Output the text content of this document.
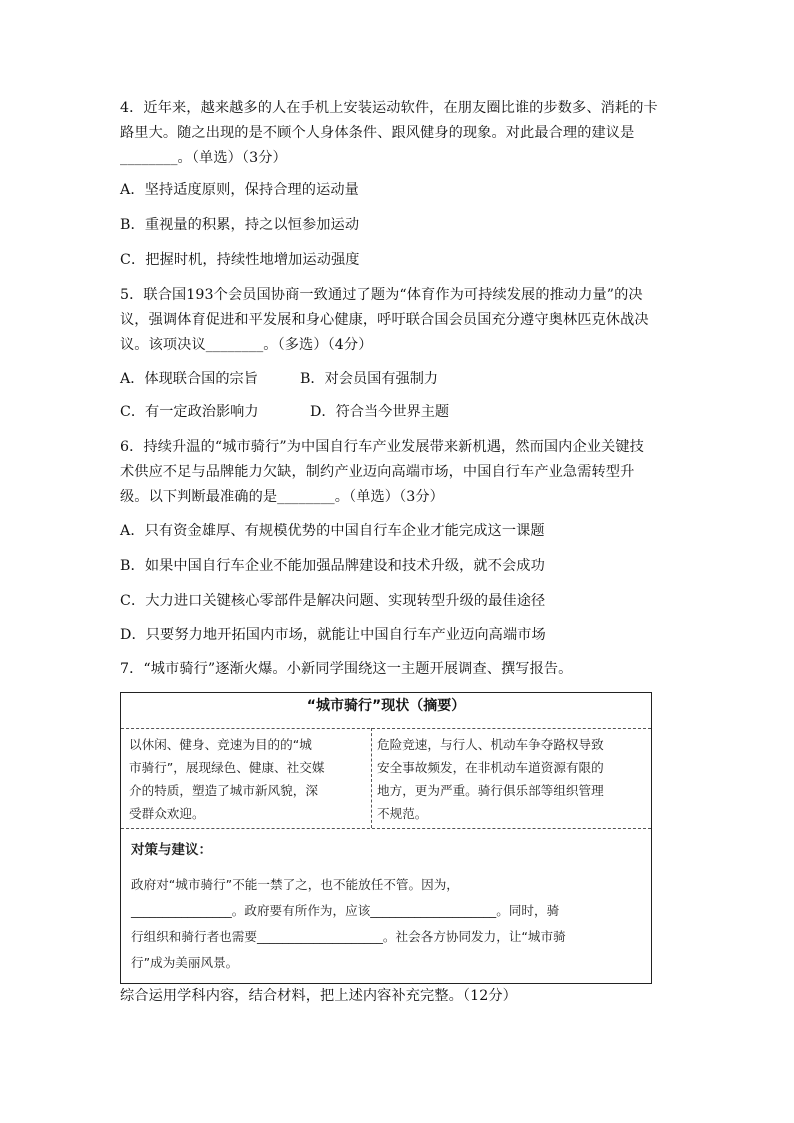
4．近年来，越来越多的人在手机上安装运动软件，在朋友圈比谁的步数多、消耗的卡
路里大。随之出现的是不顾个人身体条件、跟风健身的现象。对此最合理的建议是
________。（单选）（3分）
A．坚持适度原则，保持合理的运动量
B．重视量的积累，持之以恒参加运动
C．把握时机，持续性地增加运动强度
5．联合国193个会员国协商一致通过了题为“体育作为可持续发展的推动力量”的决
议，强调体育促进和平发展和身心健康，呼吁联合国会员国充分遵守奥林匹克休战决
议。该项决议________。（多选）（4分）
A．体现联合国的宗旨	B．对会员国有强制力
C．有一定政治影响力	D．符合当今世界主题
6．持续升温的“城市骑行”为中国自行车产业发展带来新机遇，然而国内企业关键技
术供应不足与品牌能力欠缺，制约产业迈向高端市场，中国自行车产业急需转型升
级。以下判断最准确的是________。（单选）（3分）
A．只有资金雄厚、有规模优势的中国自行车企业才能完成这一课题
B．如果中国自行车企业不能加强品牌建设和技术升级，就不会成功
C．大力进口关键核心零部件是解决问题、实现转型升级的最佳途径
D．只要努力地开拓国内市场，就能让中国自行车产业迈向高端市场
7．“城市骑行”逐渐火爆。小新同学围绕这一主题开展调查、撰写报告。
“城市骑行”现状（摘要）
以休闲、健身、竞速为目的的“城
市骑行”，展现绿色、健康、社交媒
介的特质，塑造了城市新风貌，深
受群众欢迎。
危险竞速，与行人、机动车争夺路权导致
安全事故频发，在非机动车道资源有限的
地方，更为严重。骑行俱乐部等组织管理
不规范。
对策与建议：
政府对“城市骑行”不能一禁了之，也不能放任不管。因为，
________________。政府要有所作为，应该____________________。同时，骑
行组织和骑行者也需要____________________。社会各方协同发力，让“城市骑
行”成为美丽风景。
综合运用学科内容，结合材料，把上述内容补充完整。（12分）
